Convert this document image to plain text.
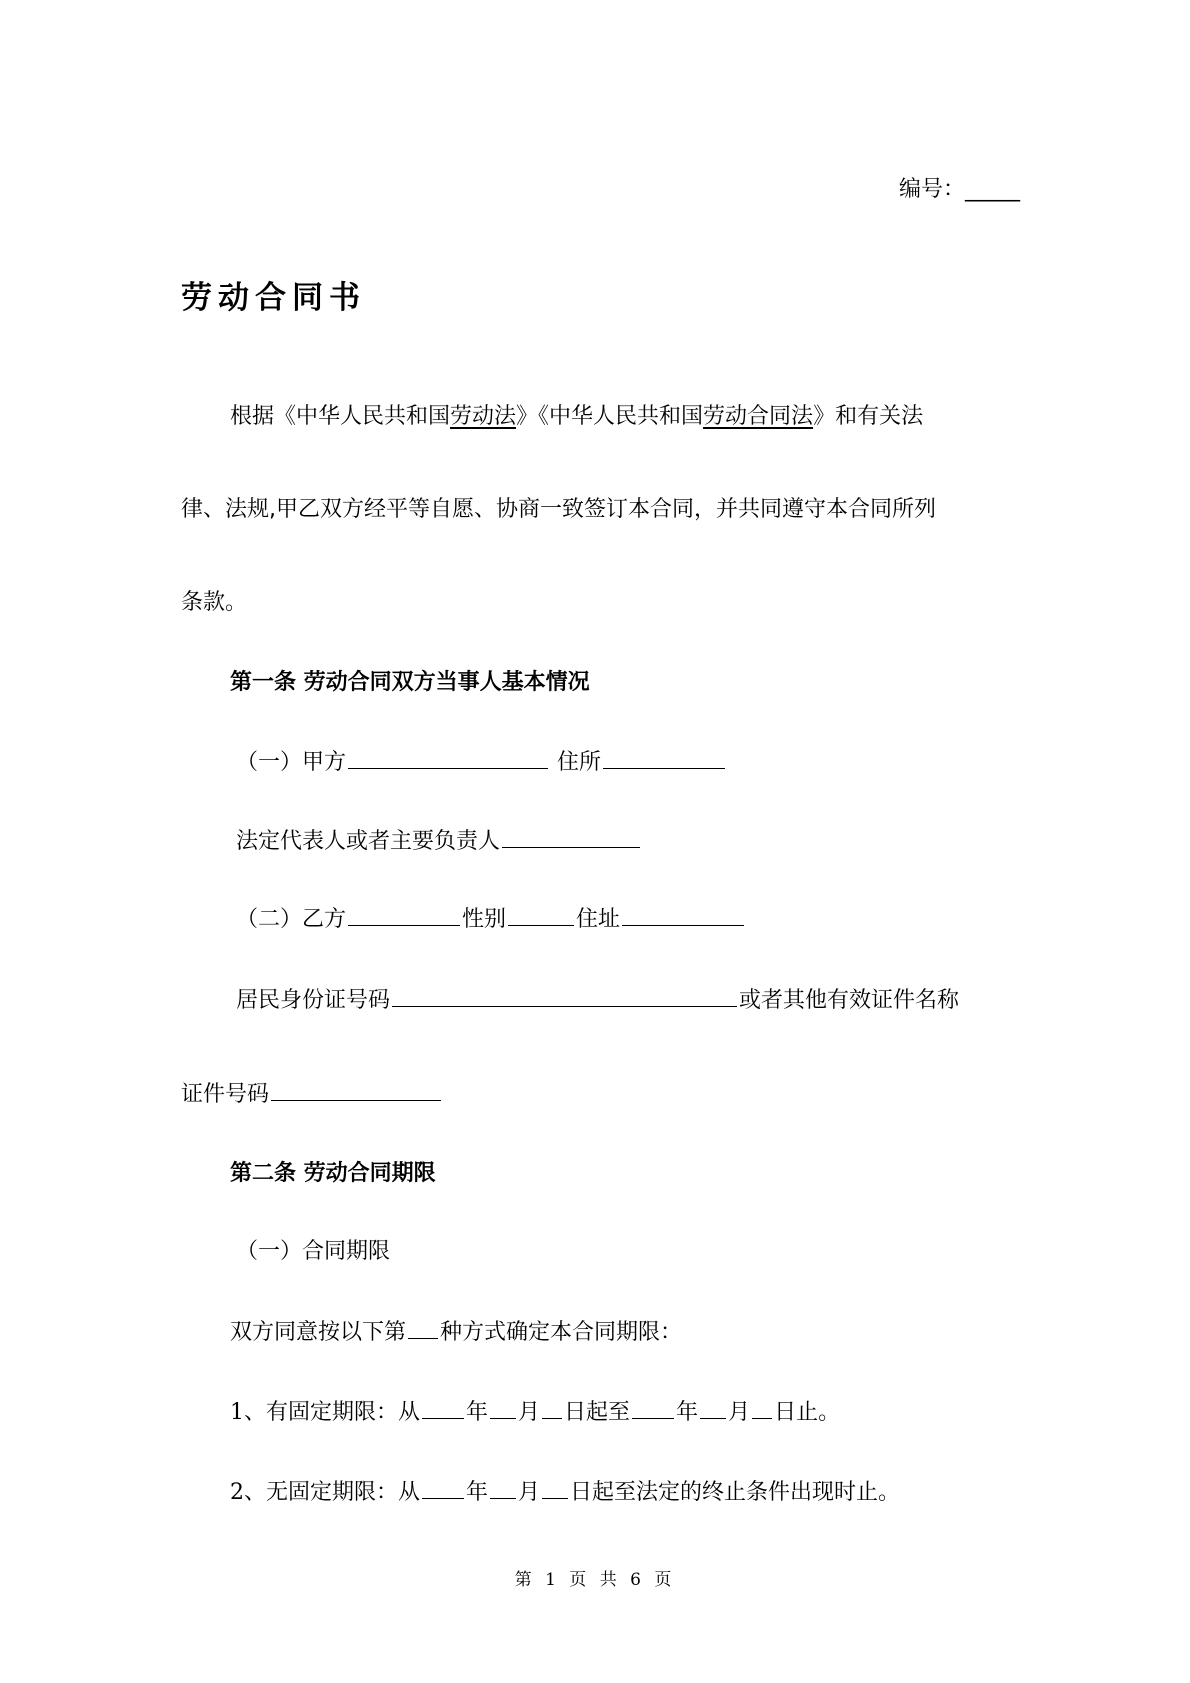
编号：_____
劳动合同书
根据《中华人民共和国劳动法》《中华人民共和国劳动合同法》和有关法
律、法规,甲乙双方经平等自愿、协商一致签订本合同，并共同遵守本合同所列
条款。
第一条 劳动合同双方当事人基本情况
（一）甲方	住所
法定代表人或者主要负责人
（二）乙方	性别	住址
居民身份证号码	或者其他有效证件名称
证件号码
第二条 劳动合同期限
（一）合同期限
双方同意按以下第 种方式确定本合同期限：
1、有固定期限：从 年 月 日起至 年 月 日止。
2、无固定期限：从 年 月 日起至法定的终止条件出现时止。
第 1 页 共 6 页
